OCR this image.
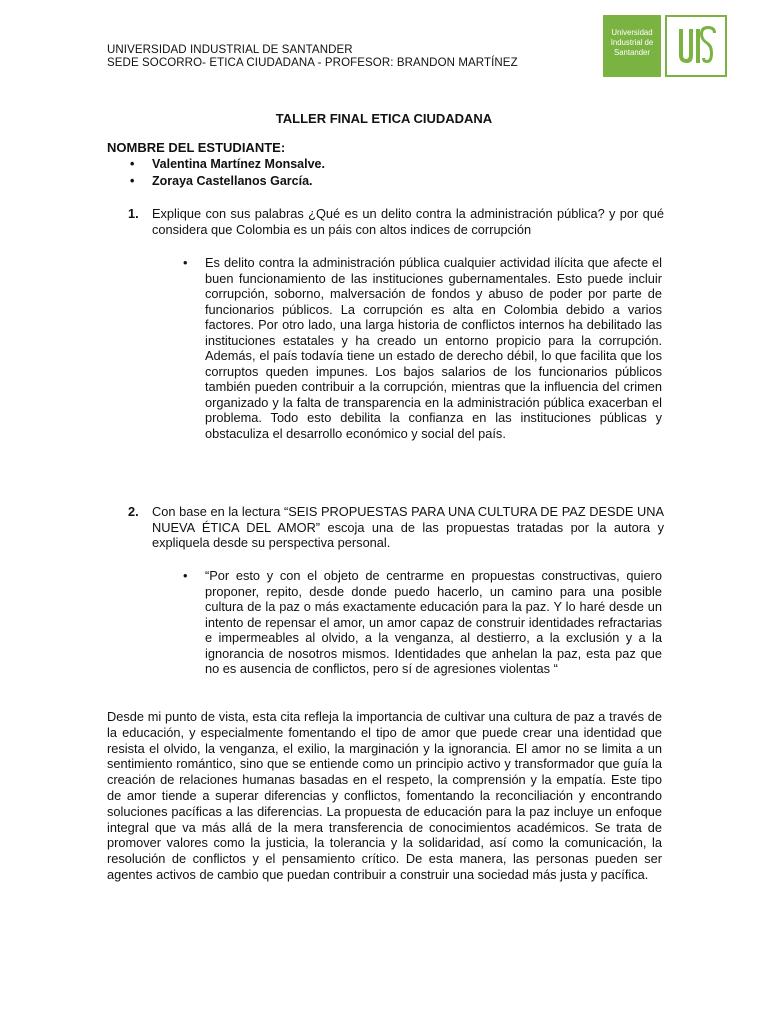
UNIVERSIDAD INDUSTRIAL DE SANTANDER
SEDE SOCORRO- ETICA CIUDADANA - PROFESOR: BRANDON MARTÍNEZ
Universidad
Industrial de
Santander
TALLER FINAL ETICA CIUDADANA
NOMBRE DEL ESTUDIANTE:
• Valentina Martínez Monsalve.
• Zoraya Castellanos García.
1. Explique con sus palabras ¿Qué es un delito contra la administración pública? y por qué considera que Colombia es un páis con altos indices de corrupción
• Es delito contra la administración pública cualquier actividad ilícita que afecte el buen funcionamiento de las instituciones gubernamentales. Esto puede incluir corrupción, soborno, malversación de fondos y abuso de poder por parte de funcionarios públicos. La corrupción es alta en Colombia debido a varios factores. Por otro lado, una larga historia de conflictos internos ha debilitado las instituciones estatales y ha creado un entorno propicio para la corrupción. Además, el país todavía tiene un estado de derecho débil, lo que facilita que los corruptos queden impunes. Los bajos salarios de los funcionarios públicos también pueden contribuir a la corrupción, mientras que la influencia del crimen organizado y la falta de transparencia en la administración pública exacerban el problema. Todo esto debilita la confianza en las instituciones públicas y obstaculiza el desarrollo económico y social del país.
2. Con base en la lectura “SEIS PROPUESTAS PARA UNA CULTURA DE PAZ DESDE UNA NUEVA ÉTICA DEL AMOR” escoja una de las propuestas tratadas por la autora y expliquela desde su perspectiva personal.
• “Por esto y con el objeto de centrarme en propuestas constructivas, quiero proponer, repito, desde donde puedo hacerlo, un camino para una posible cultura de la paz o más exactamente educación para la paz. Y lo haré desde un intento de repensar el amor, un amor capaz de construir identidades refractarias e impermeables al olvido, a la venganza, al destierro, a la exclusión y a la ignorancia de nosotros mismos. Identidades que anhelan la paz, esta paz que no es ausencia de conflictos, pero sí de agresiones violentas “
Desde mi punto de vista, esta cita refleja la importancia de cultivar una cultura de paz a través de la educación, y especialmente fomentando el tipo de amor que puede crear una identidad que resista el olvido, la venganza, el exilio, la marginación y la ignorancia. El amor no se limita a un sentimiento romántico, sino que se entiende como un principio activo y transformador que guía la creación de relaciones humanas basadas en el respeto, la comprensión y la empatía. Este tipo de amor tiende a superar diferencias y conflictos, fomentando la reconciliación y encontrando soluciones pacíficas a las diferencias. La propuesta de educación para la paz incluye un enfoque integral que va más allá de la mera transferencia de conocimientos académicos. Se trata de promover valores como la justicia, la tolerancia y la solidaridad, así como la comunicación, la resolución de conflictos y el pensamiento crítico. De esta manera, las personas pueden ser agentes activos de cambio que puedan contribuir a construir una sociedad más justa y pacífica.
